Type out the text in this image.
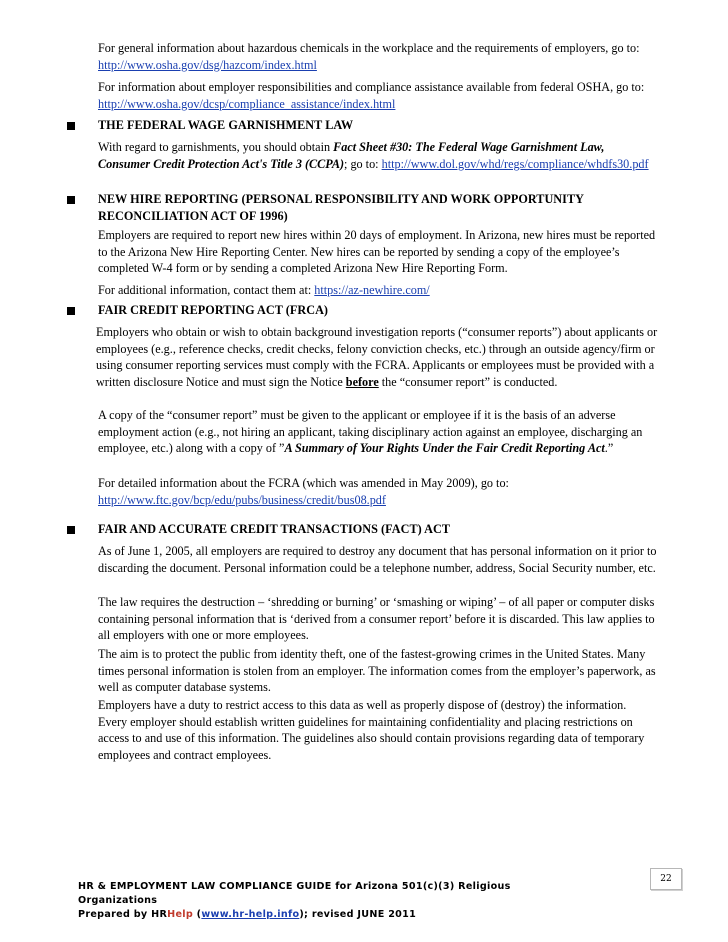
For general information about hazardous chemicals in the workplace and the requirements of employers, go to: http://www.osha.gov/dsg/hazcom/index.html
For information about employer responsibilities and compliance assistance available from federal OSHA, go to: http://www.osha.gov/dcsp/compliance_assistance/index.html
THE FEDERAL WAGE GARNISHMENT LAW
With regard to garnishments, you should obtain Fact Sheet #30: The Federal Wage Garnishment Law, Consumer Credit Protection Act's Title 3 (CCPA); go to: http://www.dol.gov/whd/regs/compliance/whdfs30.pdf
NEW HIRE REPORTING (PERSONAL RESPONSIBILITY AND WORK OPPORTUNITY RECONCILIATION ACT OF 1996)
Employers are required to report new hires within 20 days of employment. In Arizona, new hires must be reported to the Arizona New Hire Reporting Center. New hires can be reported by sending a copy of the employee’s completed W-4 form or by sending a completed Arizona New Hire Reporting Form.
For additional information, contact them at: https://az-newhire.com/
FAIR CREDIT REPORTING ACT (FRCA)
Employers who obtain or wish to obtain background investigation reports (“consumer reports”) about applicants or employees (e.g., reference checks, credit checks, felony conviction checks, etc.) through an outside agency/firm or using consumer reporting services must comply with the FCRA. Applicants or employees must be provided with a written disclosure Notice and must sign the Notice before the “consumer report” is conducted.
A copy of the “consumer report” must be given to the applicant or employee if it is the basis of an adverse employment action (e.g., not hiring an applicant, taking disciplinary action against an employee, discharging an employee, etc.) along with a copy of ”A Summary of Your Rights Under the Fair Credit Reporting Act.”
For detailed information about the FCRA (which was amended in May 2009), go to: http://www.ftc.gov/bcp/edu/pubs/business/credit/bus08.pdf
FAIR AND ACCURATE CREDIT TRANSACTIONS (FACT) ACT
As of June 1, 2005, all employers are required to destroy any document that has personal information on it prior to discarding the document. Personal information could be a telephone number, address, Social Security number, etc.
The law requires the destruction – ‘shredding or burning’ or ‘smashing or wiping’ – of all paper or computer disks containing personal information that is ‘derived from a consumer report’ before it is discarded. This law applies to all employers with one or more employees.
The aim is to protect the public from identity theft, one of the fastest-growing crimes in the United States. Many times personal information is stolen from an employer. The information comes from the employer’s paperwork, as well as computer database systems.
Employers have a duty to restrict access to this data as well as properly dispose of (destroy) the information. Every employer should establish written guidelines for maintaining confidentiality and placing restrictions on access to and use of this information. The guidelines also should contain provisions regarding data of temporary employees and contract employees.
HR & EMPLOYMENT LAW COMPLIANCE GUIDE for Arizona 501(c)(3) Religious Organizations
Prepared by HRHelp (www.hr-help.info); revised JUNE 2011
22
